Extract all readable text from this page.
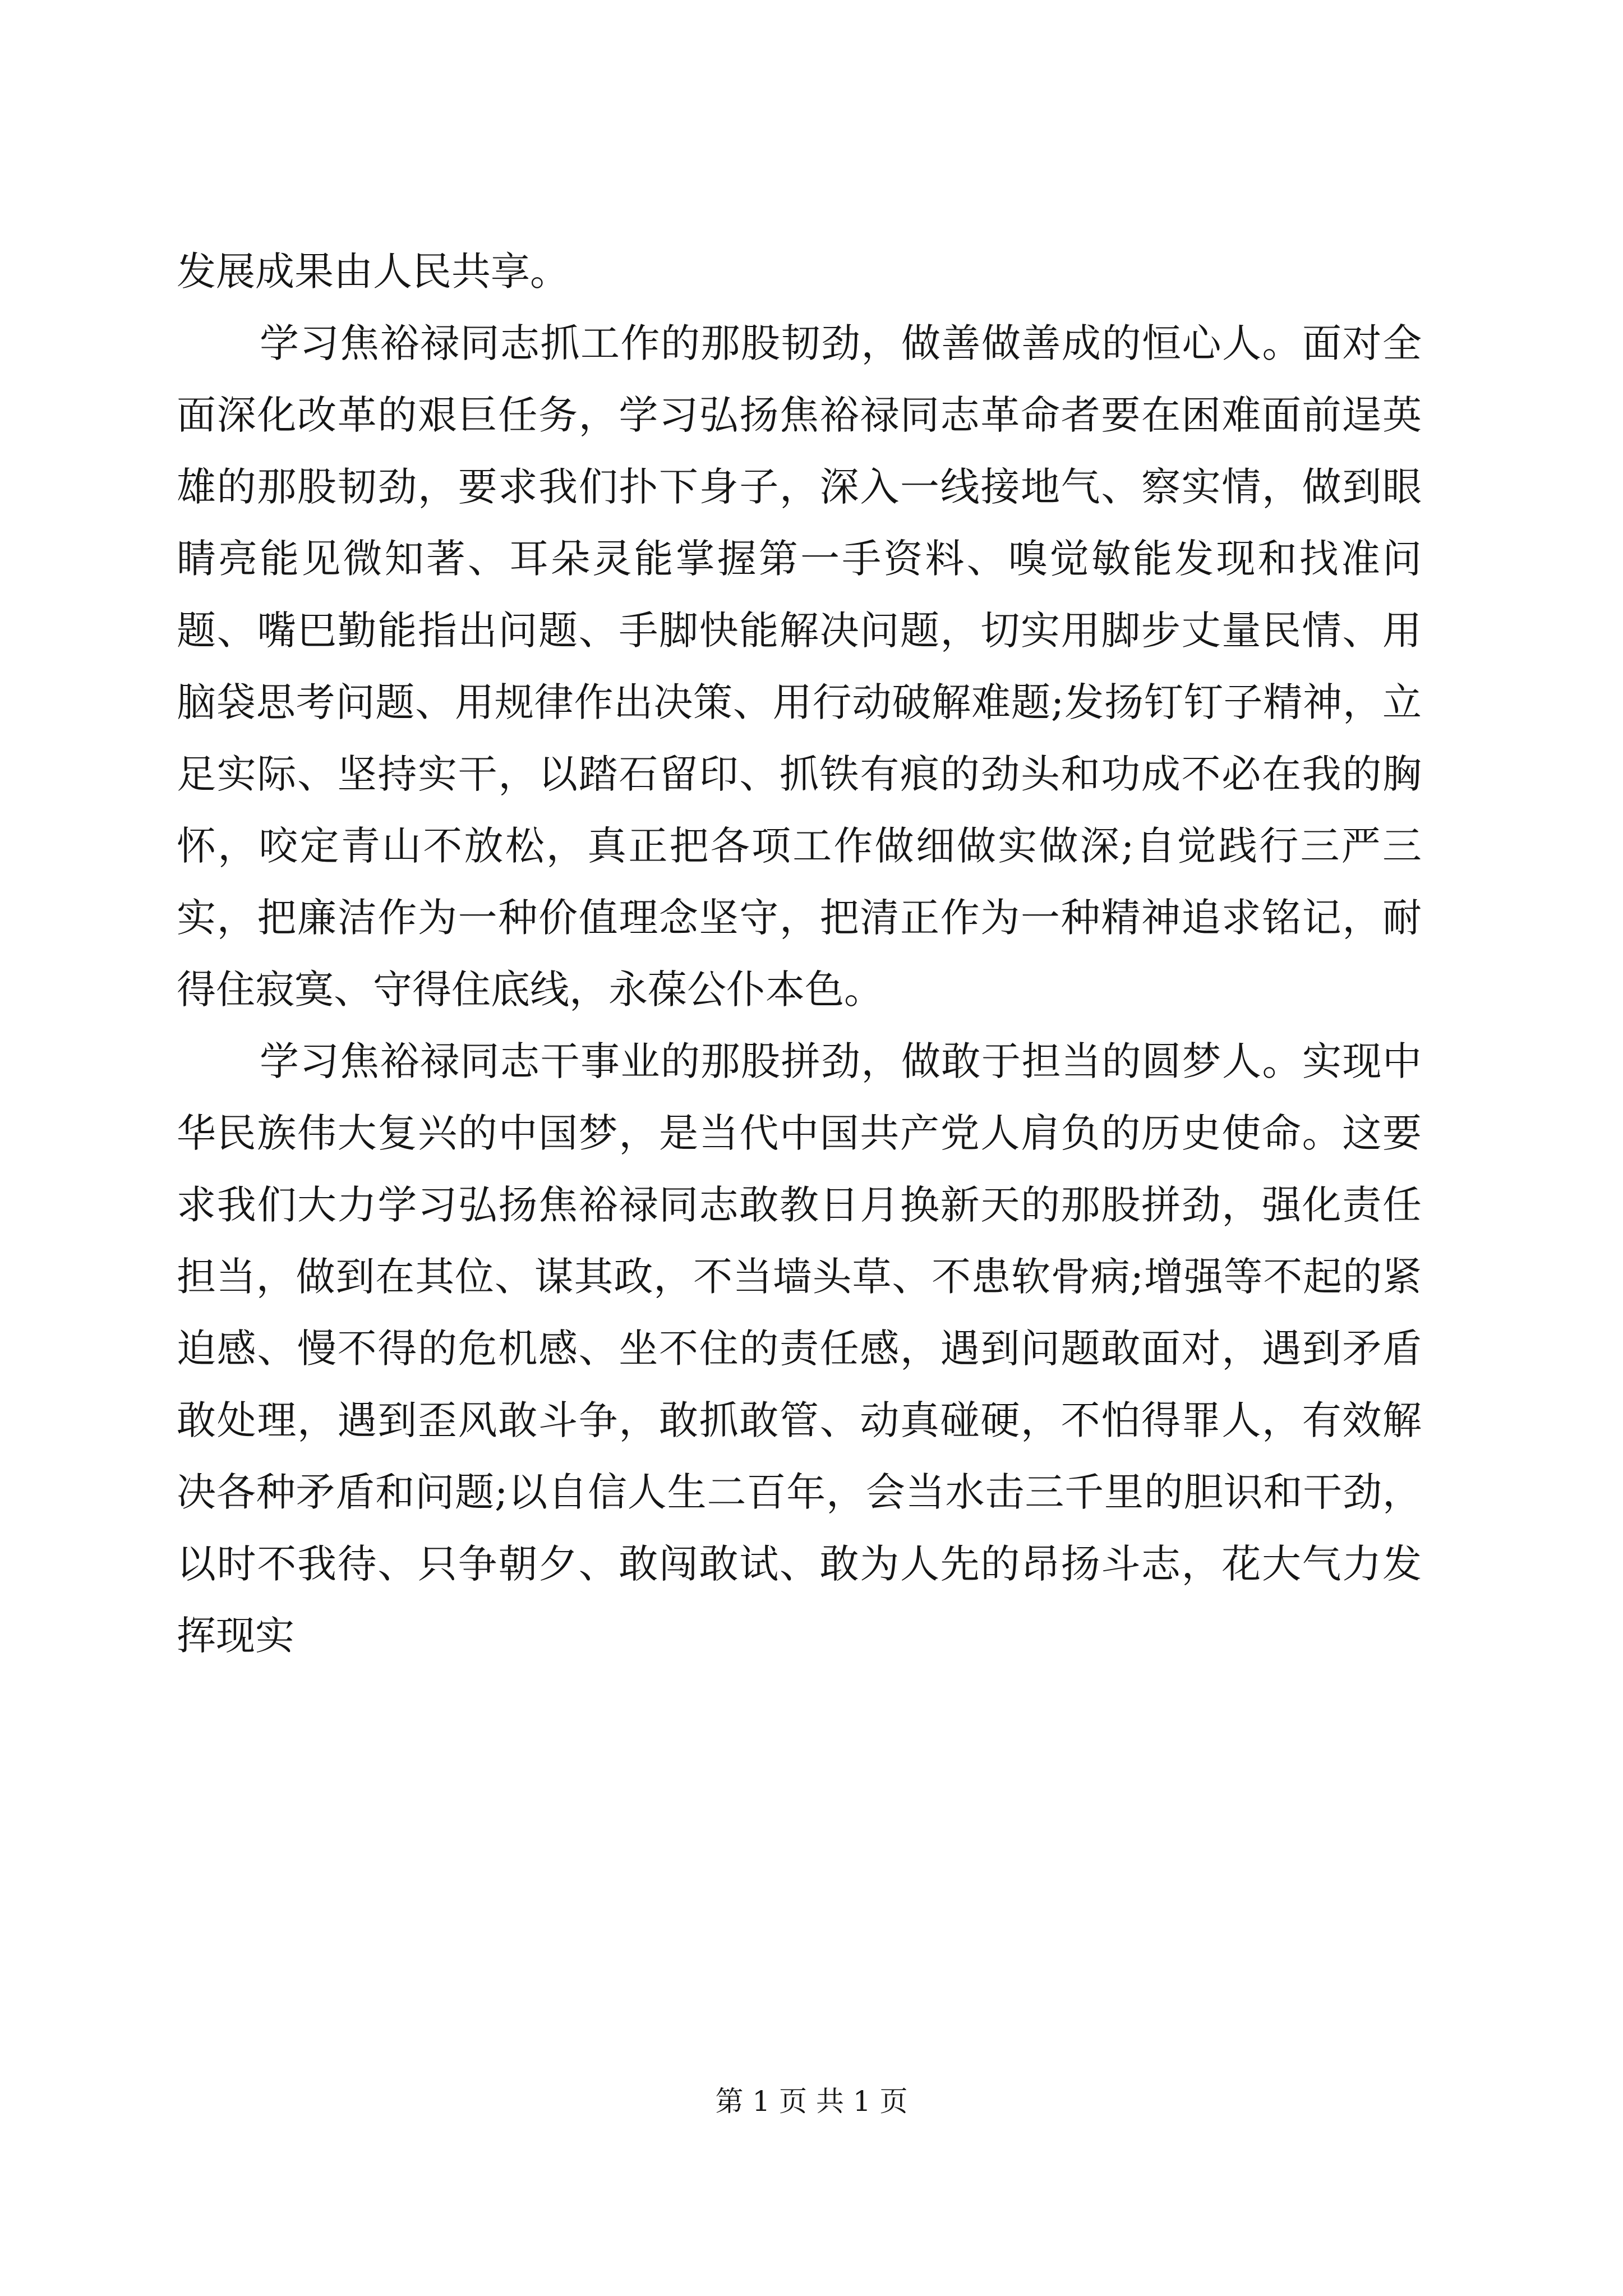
发展成果由人民共享。

学习焦裕禄同志抓工作的那股韧劲，做善做善成的恒心人。面对全面深化改革的艰巨任务，学习弘扬焦裕禄同志革命者要在困难面前逞英雄的那股韧劲，要求我们扑下身子，深入一线接地气、察实情，做到眼睛亮能见微知著、耳朵灵能掌握第一手资料、嗅觉敏能发现和找准问题、嘴巴勤能指出问题、手脚快能解决问题，切实用脚步丈量民情、用脑袋思考问题、用规律作出决策、用行动破解难题;发扬钉钉子精神，立足实际、坚持实干，以踏石留印、抓铁有痕的劲头和功成不必在我的胸怀，咬定青山不放松，真正把各项工作做细做实做深;自觉践行三严三实，把廉洁作为一种价值理念坚守，把清正作为一种精神追求铭记，耐得住寂寞、守得住底线，永葆公仆本色。

学习焦裕禄同志干事业的那股拼劲，做敢于担当的圆梦人。实现中华民族伟大复兴的中国梦，是当代中国共产党人肩负的历史使命。这要求我们大力学习弘扬焦裕禄同志敢教日月换新天的那股拼劲，强化责任担当，做到在其位、谋其政，不当墙头草、不患软骨病;增强等不起的紧迫感、慢不得的危机感、坐不住的责任感，遇到问题敢面对，遇到矛盾敢处理，遇到歪风敢斗争，敢抓敢管、动真碰硬，不怕得罪人，有效解决各种矛盾和问题;以自信人生二百年，会当水击三千里的胆识和干劲，以时不我待、只争朝夕、敢闯敢试、敢为人先的昂扬斗志，花大气力发挥现实

第 1 页 共 1 页
